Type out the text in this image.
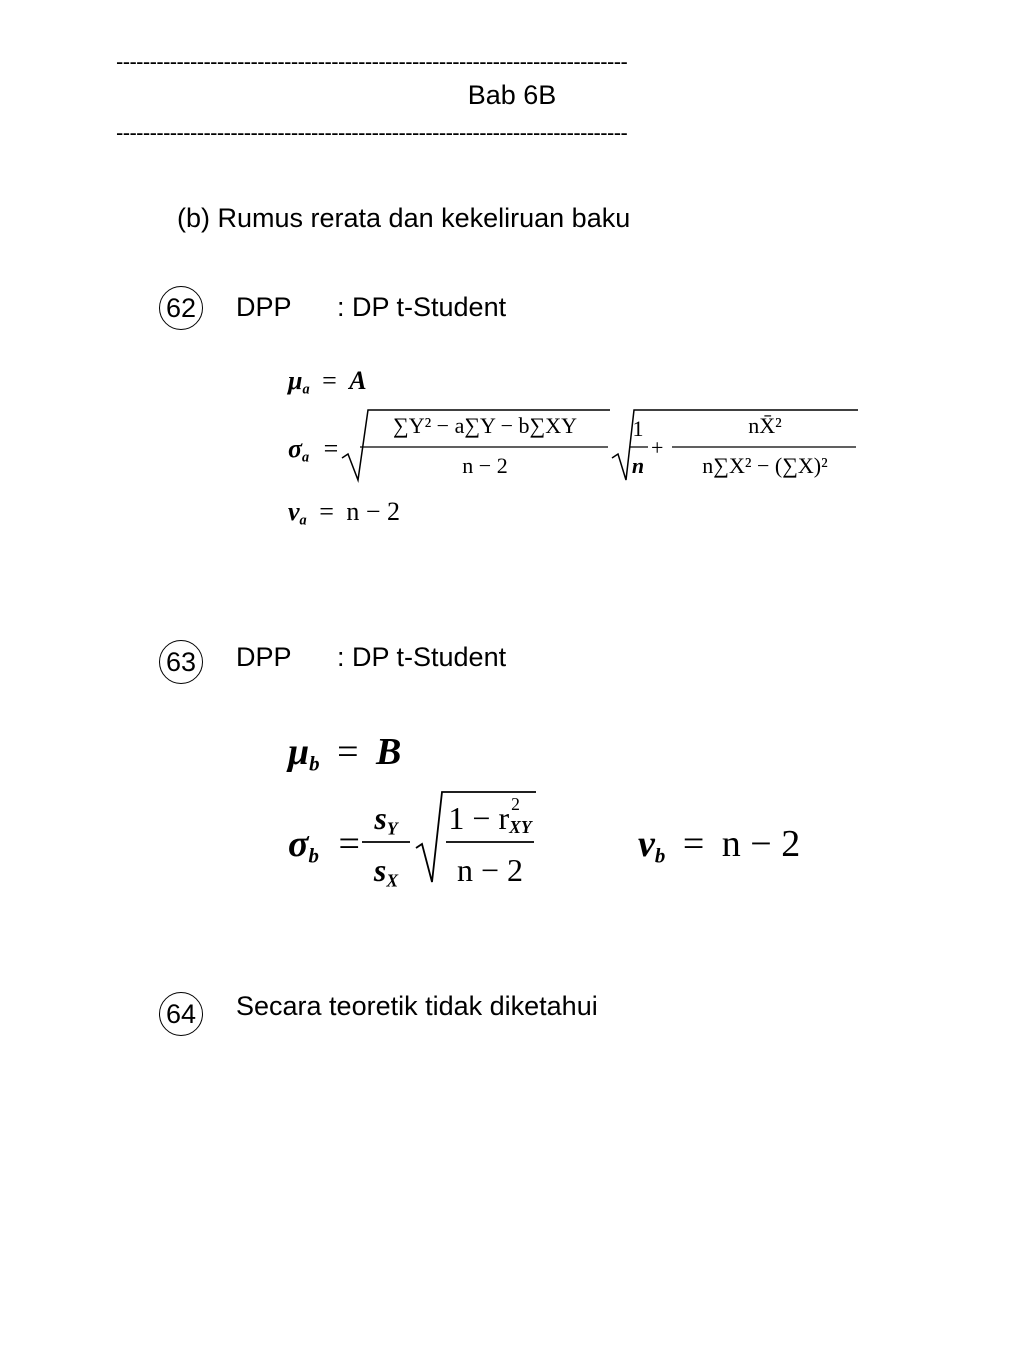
----------------------------------------------------------------------------
Bab 6B
----------------------------------------------------------------------------
(b) Rumus rerata dan kekeliruan baku
62 DPP : DP t-Student
$\mu_a = A$
$\sigma_a$ =
∑Y² − a∑Y − b∑XY
n − 2
1
n
+
nX̄²
n∑X² − (∑X)²
$\nu_a = n - 2$
63 DPP : DP t-Student
$\mu_b = B$
$\sigma_b$ =
$s_Y$
$s_X$
1 − r 2
XY
n − 2
$\nu_b = n - 2$
64 Secara teoretik tidak diketahui
